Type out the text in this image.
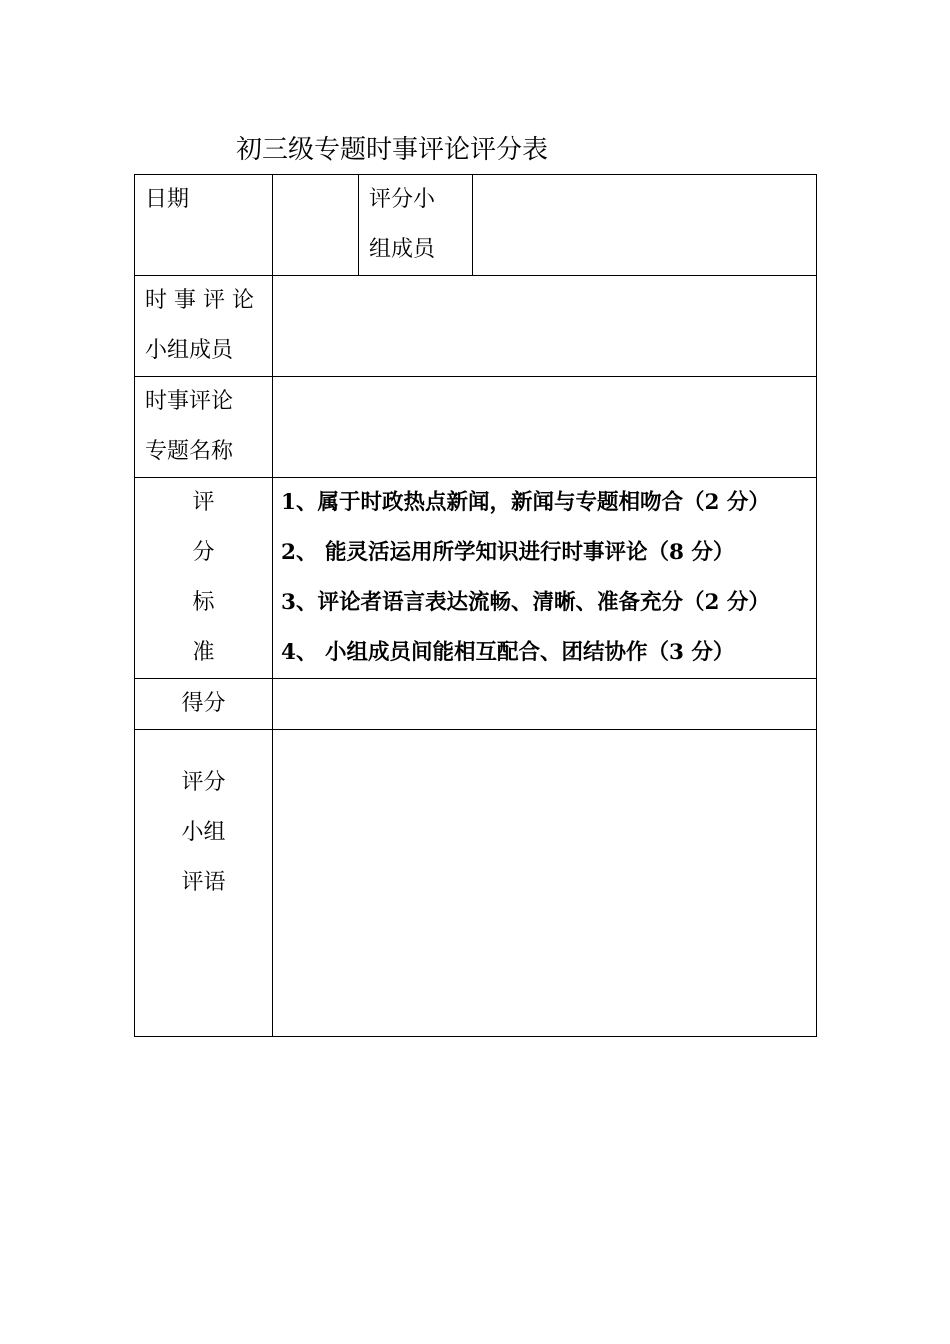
初三级专题时事评论评分表
日期		评分小
组成员	

时 事 评 论
小组成员			

时事评论
专题名称			

评
分
标
准	1、属于时政热点新闻，新闻与专题相吻合（2 分）
2、 能灵活运用所学知识进行时事评论（8 分）
3、评论者语言表达流畅、清晰、准备充分（2 分）
4、 小组成员间能相互配合、团结协作（3 分）		

得分			

评分
小组
评语			
